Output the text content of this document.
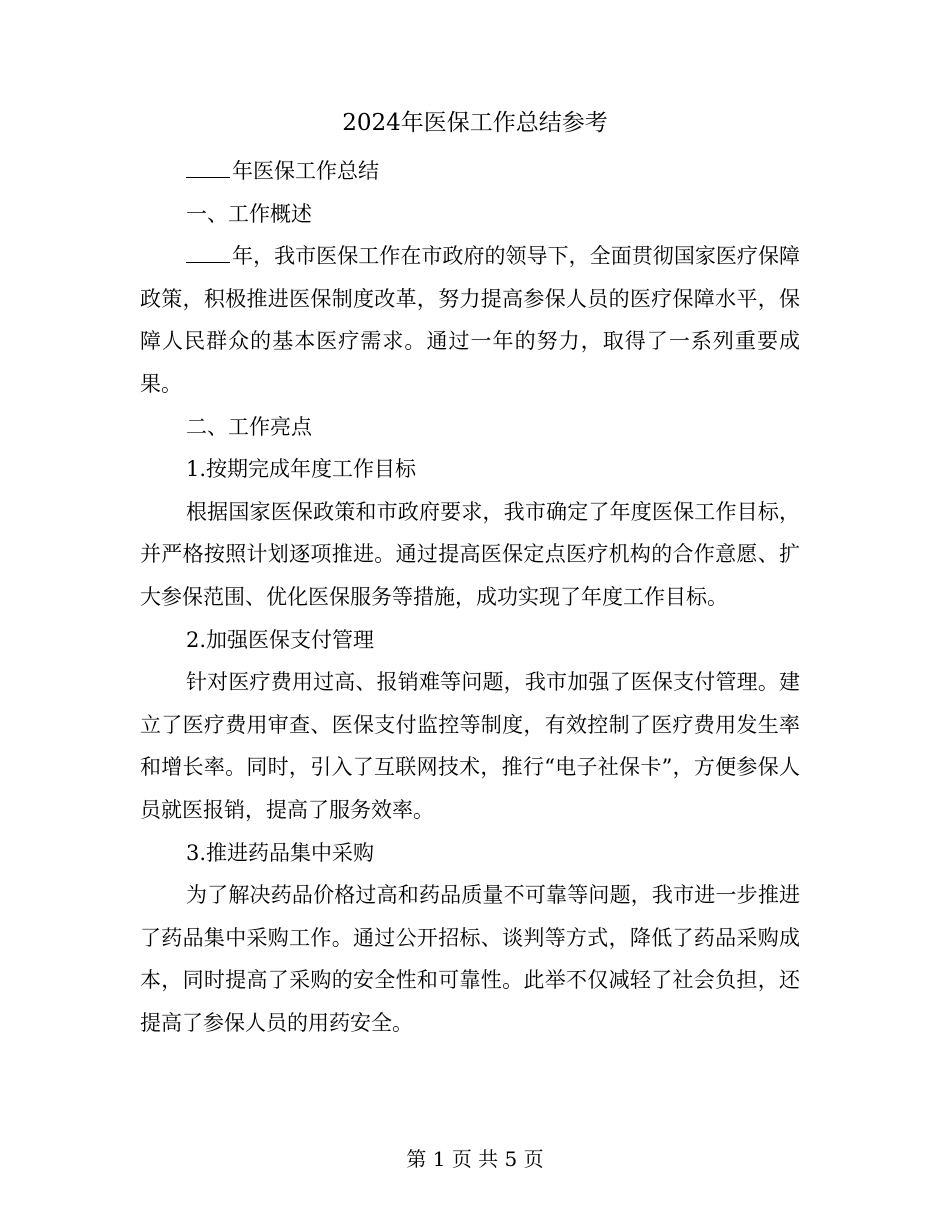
2024年医保工作总结参考

年医保工作总结

一、工作概述

年，我市医保工作在市政府的领导下，全面贯彻国家医疗保障政策，积极推进医保制度改革，努力提高参保人员的医疗保障水平，保障人民群众的基本医疗需求。通过一年的努力，取得了一系列重要成果。

二、工作亮点

1.按期完成年度工作目标

根据国家医保政策和市政府要求，我市确定了年度医保工作目标，并严格按照计划逐项推进。通过提高医保定点医疗机构的合作意愿、扩大参保范围、优化医保服务等措施，成功实现了年度工作目标。

2.加强医保支付管理

针对医疗费用过高、报销难等问题，我市加强了医保支付管理。建立了医疗费用审查、医保支付监控等制度，有效控制了医疗费用发生率和增长率。同时，引入了互联网技术，推行“电子社保卡”，方便参保人员就医报销，提高了服务效率。

3.推进药品集中采购

为了解决药品价格过高和药品质量不可靠等问题，我市进一步推进了药品集中采购工作。通过公开招标、谈判等方式，降低了药品采购成本，同时提高了采购的安全性和可靠性。此举不仅减轻了社会负担，还提高了参保人员的用药安全。

第 1 页 共 5 页
